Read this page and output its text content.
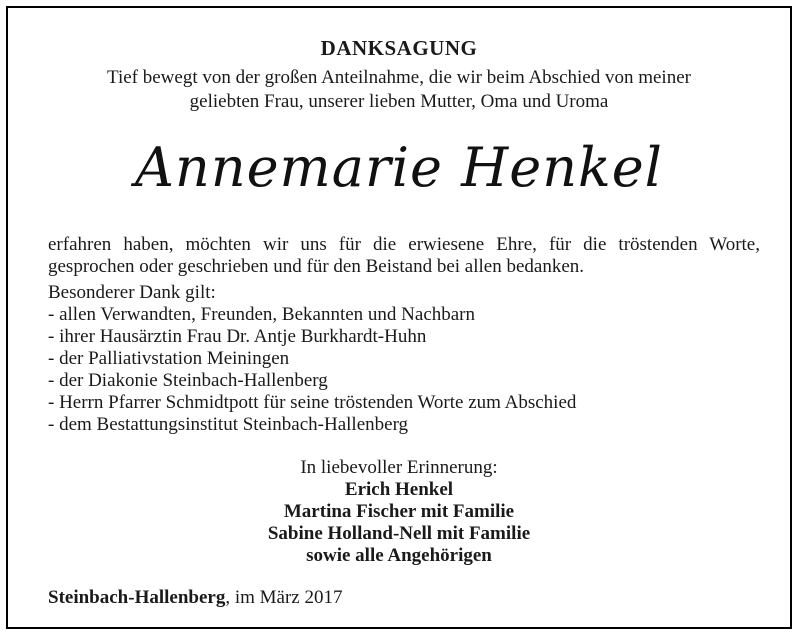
DANKSAGUNG
Tief bewegt von der großen Anteilnahme, die wir beim Abschied von meiner
geliebten Frau, unserer lieben Mutter, Oma und Uroma
Annemarie Henkel
erfahren haben, möchten wir uns für die erwiesene Ehre, für die tröstenden Worte, gesprochen oder geschrieben und für den Beistand bei allen bedanken.
Besonderer Dank gilt:
- allen Verwandten, Freunden, Bekannten und Nachbarn
- ihrer Hausärztin Frau Dr. Antje Burkhardt-Huhn
- der Palliativstation Meiningen
- der Diakonie Steinbach-Hallenberg
- Herrn Pfarrer Schmidtpott für seine tröstenden Worte zum Abschied
- dem Bestattungsinstitut Steinbach-Hallenberg
In liebevoller Erinnerung:
Erich Henkel
Martina Fischer mit Familie
Sabine Holland-Nell mit Familie
sowie alle Angehörigen
Steinbach-Hallenberg, im März 2017
